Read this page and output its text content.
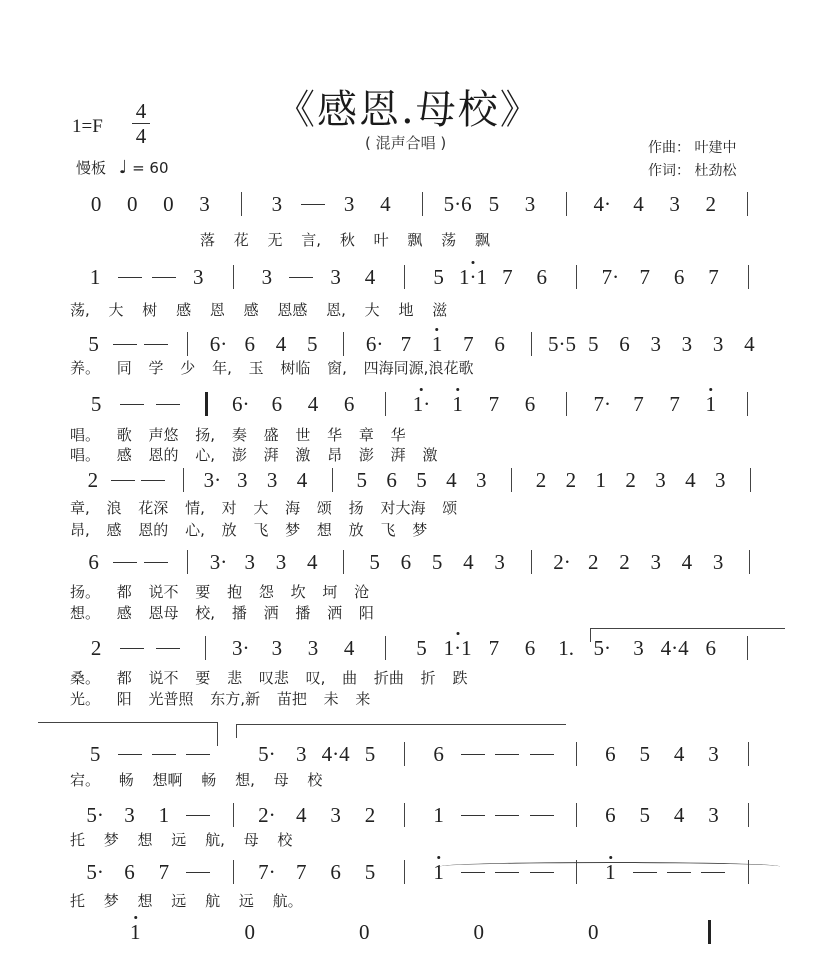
《感恩.母校》
( 混声合唱 )
1=F
4
4
慢板 ♩ = 60
作曲： 叶建中
作词： 杜劲松
0 0 0 3	3	3 4	5·6 5 3	4· 4 3 2
1	3	3	3 4	5 1·1 7 6	7· 7 6 7
5	6· 6 4 5 6· 7 1 7 6 5·5 5 6 3 3 3 4
5	6· 6 4 6	1· 1 7 6	7· 7 7 1
2	3· 3 3 4 5 6 5 4 3 2 2 1 2 3 4 3
6	3· 3 3 4 5 6 5 4 3 2· 2 2 3 4 3
2	3· 3 3 4	5 1·1 7 6 1. 5· 3 4·4 6
5	5· 3 4·4 5	6	6 5 4 3
5· 3 1	2· 4 3 2	1	6 5 4 3
5· 6 7	7· 7 6 5	1	1
1	0	0	0	0
落 花 无 言, 秋 叶 飘 荡 飘
荡, 大 树 感 恩 感 恩感 恩, 大 地 滋
养。 同 学 少 年, 玉 树临 窗, 四海同源,浪花歌
唱。 歌 声悠 扬, 奏 盛 世 华 章 华
唱。 感 恩的 心, 澎 湃 激 昂 澎 湃 激
章, 浪 花深 情, 对 大 海 颂 扬 对大海 颂
昂, 感 恩的 心, 放 飞 梦 想 放 飞 梦
扬。 都 说不 要 抱 怨 坎 坷 沧
想。 感 恩母 校, 播 洒 播 洒 阳
桑。 都 说不 要 悲 叹悲 叹, 曲 折曲 折 跌
光。 阳 光普照 东方,新 苗把 未 来
宕。 畅 想啊 畅 想, 母 校
托 梦 想 远 航, 母 校
托 梦 想 远 航 远 航。
